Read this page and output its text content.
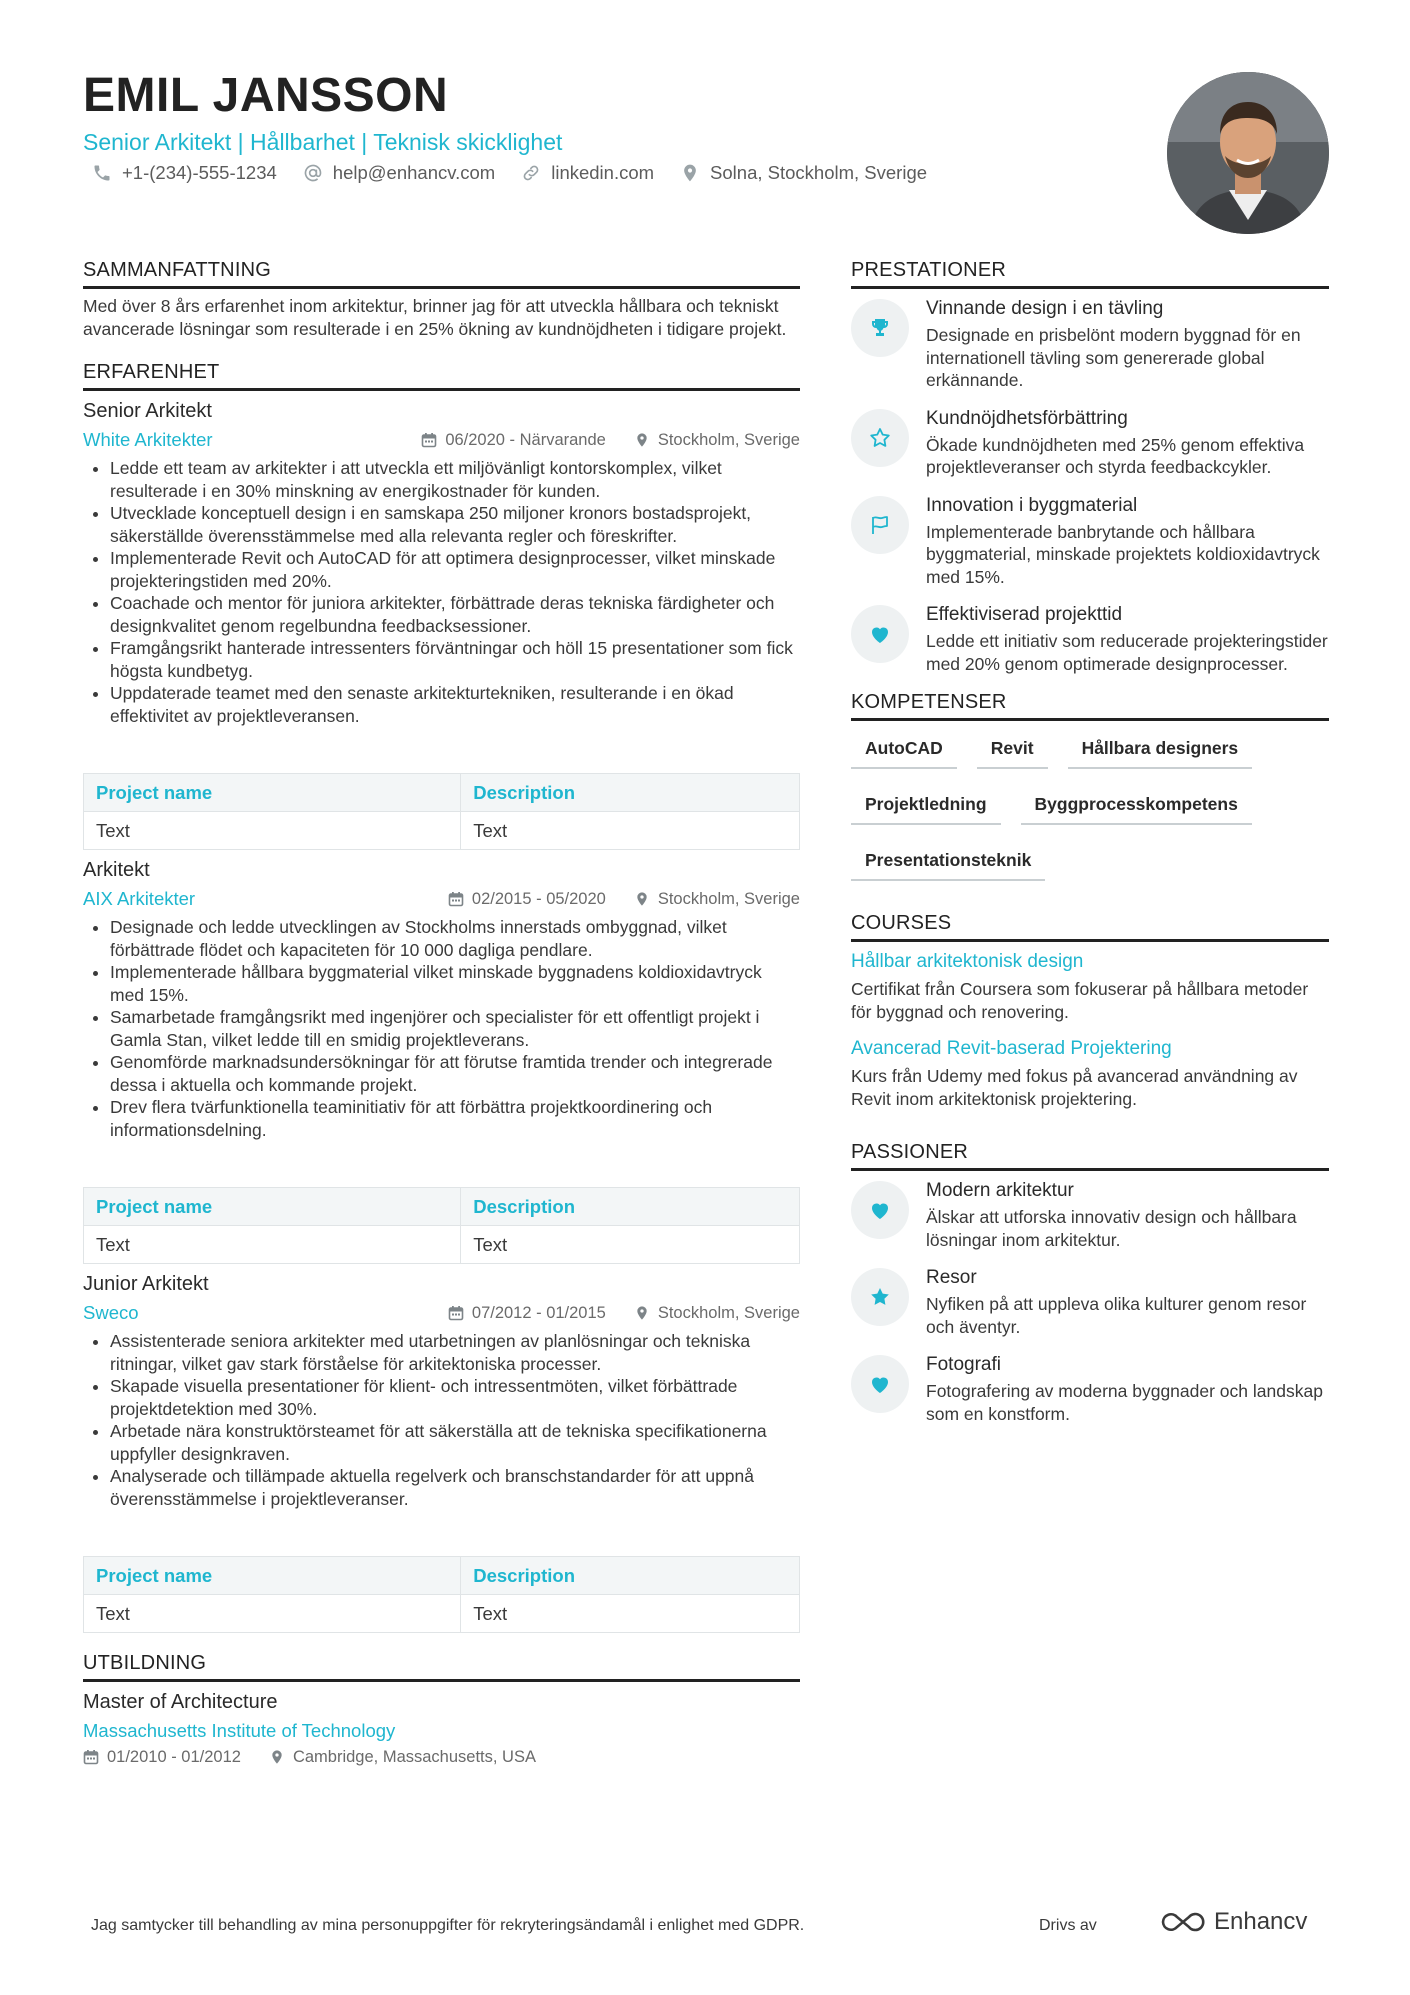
EMIL JANSSON
Senior Arkitekt | Hållbarhet | Teknisk skicklighet
+1-(234)-555-1234	help@enhancv.com	linkedin.com	Solna, Stockholm, Sverige
SAMMANFATTNING
Med över 8 års erfarenhet inom arkitektur, brinner jag för att utveckla hållbara och tekniskt avancerade lösningar som resulterade i en 25% ökning av kundnöjdheten i tidigare projekt.
ERFARENHET
Senior Arkitekt
White Arkitekter	06/2020 - Närvarande	Stockholm, Sverige
• Ledde ett team av arkitekter i att utveckla ett miljövänligt kontorskomplex, vilket resulterade i en 30% minskning av energikostnader för kunden.
• Utvecklade konceptuell design i en samskapa 250 miljoner kronors bostadsprojekt, säkerställde överensstämmelse med alla relevanta regler och föreskrifter.
• Implementerade Revit och AutoCAD för att optimera designprocesser, vilket minskade projekteringstiden med 20%.
• Coachade och mentor för juniora arkitekter, förbättrade deras tekniska färdigheter och designkvalitet genom regelbundna feedbacksessioner.
• Framgångsrikt hanterade intressenters förväntningar och höll 15 presentationer som fick högsta kundbetyg.
• Uppdaterade teamet med den senaste arkitekturtekniken, resulterande i en ökad effektivitet av projektleveransen.
Project name	Description
Text	Text
Arkitekt
AIX Arkitekter	02/2015 - 05/2020	Stockholm, Sverige
• Designade och ledde utvecklingen av Stockholms innerstads ombyggnad, vilket förbättrade flödet och kapaciteten för 10 000 dagliga pendlare.
• Implementerade hållbara byggmaterial vilket minskade byggnadens koldioxidavtryck med 15%.
• Samarbetade framgångsrikt med ingenjörer och specialister för ett offentligt projekt i Gamla Stan, vilket ledde till en smidig projektleverans.
• Genomförde marknadsundersökningar för att förutse framtida trender och integrerade dessa i aktuella och kommande projekt.
• Drev flera tvärfunktionella teaminitiativ för att förbättra projektkoordinering och informationsdelning.
Project name	Description
Text	Text
Junior Arkitekt
Sweco	07/2012 - 01/2015	Stockholm, Sverige
• Assistenterade seniora arkitekter med utarbetningen av planlösningar och tekniska ritningar, vilket gav stark förståelse för arkitektoniska processer.
• Skapade visuella presentationer för klient- och intressentmöten, vilket förbättrade projektdetektion med 30%.
• Arbetade nära konstruktörsteamet för att säkerställa att de tekniska specifikationerna uppfyller designkraven.
• Analyserade och tillämpade aktuella regelverk och branschstandarder för att uppnå överensstämmelse i projektleveranser.
Project name	Description
Text	Text
UTBILDNING
Master of Architecture
Massachusetts Institute of Technology
01/2010 - 01/2012	Cambridge, Massachusetts, USA
PRESTATIONER
Vinnande design i en tävling
Designade en prisbelönt modern byggnad för en internationell tävling som genererade global erkännande.
Kundnöjdhetsförbättring
Ökade kundnöjdheten med 25% genom effektiva projektleveranser och styrda feedbackcykler.
Innovation i byggmaterial
Implementerade banbrytande och hållbara byggmaterial, minskade projektets koldioxidavtryck med 15%.
Effektiviserad projekttid
Ledde ett initiativ som reducerade projekteringstider med 20% genom optimerade designprocesser.
KOMPETENSER
AutoCAD	Revit	Hållbara designers
Projektledning	Byggprocesskompetens
Presentationsteknik
COURSES
Hållbar arkitektonisk design
Certifikat från Coursera som fokuserar på hållbara metoder för byggnad och renovering.
Avancerad Revit-baserad Projektering
Kurs från Udemy med fokus på avancerad användning av Revit inom arkitektonisk projektering.
PASSIONER
Modern arkitektur
Älskar att utforska innovativ design och hållbara lösningar inom arkitektur.
Resor
Nyfiken på att uppleva olika kulturer genom resor och äventyr.
Fotografi
Fotografering av moderna byggnader och landskap som en konstform.
Jag samtycker till behandling av mina personuppgifter för rekryteringsändamål i enlighet med GDPR.	Drivs av	Enhancv
